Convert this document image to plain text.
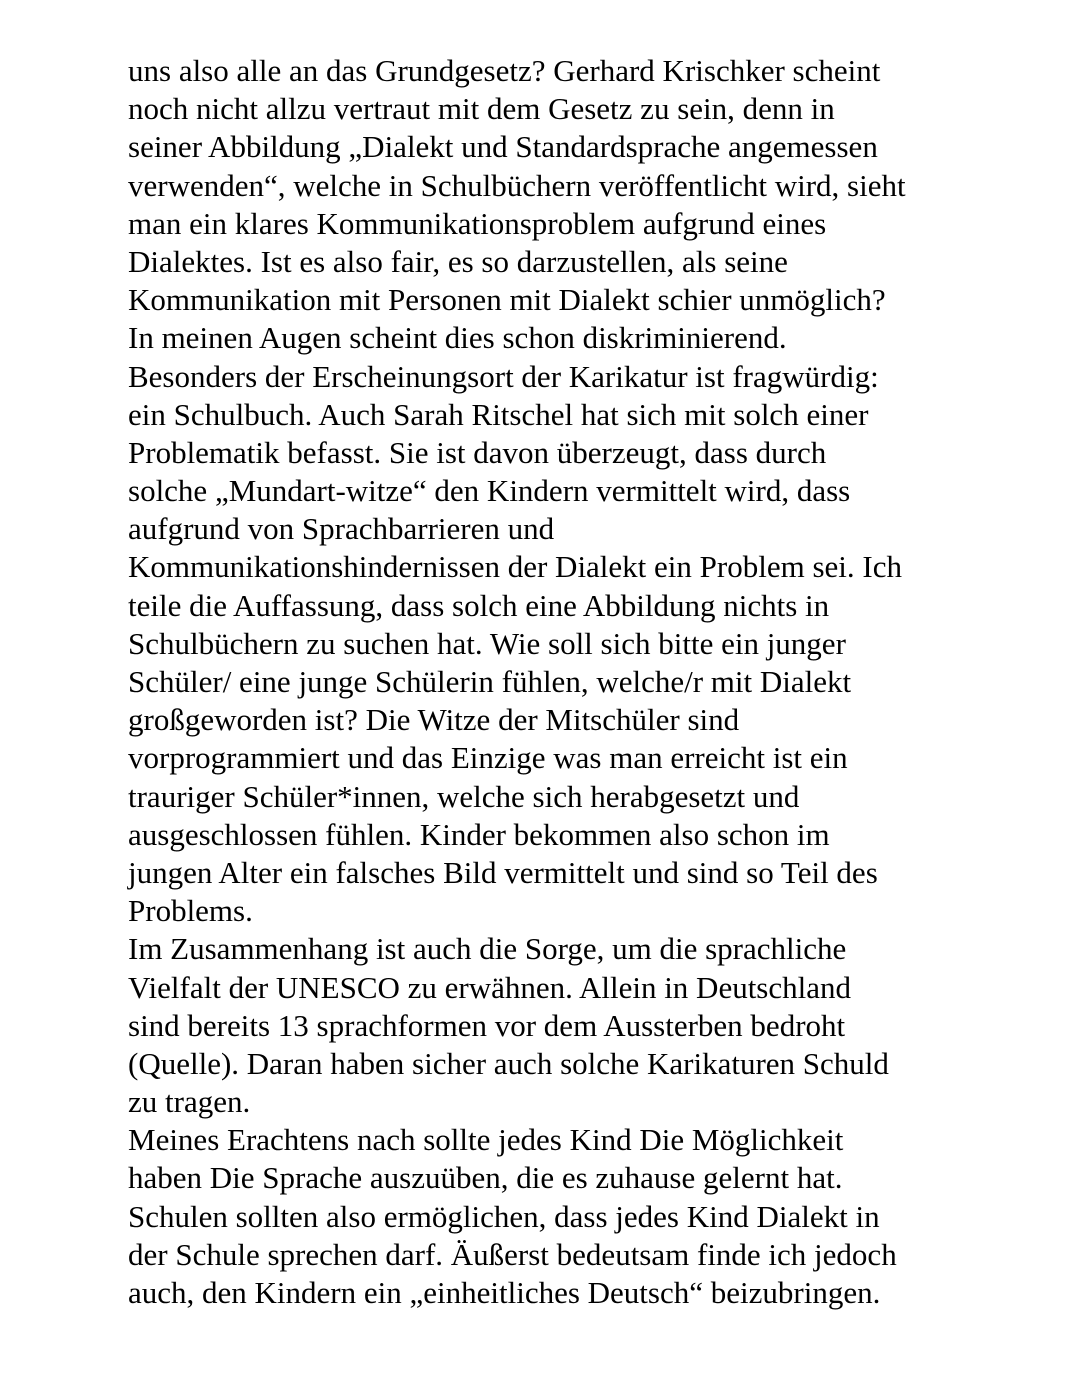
uns also alle an das Grundgesetz? Gerhard Krischker scheint
noch nicht allzu vertraut mit dem Gesetz zu sein, denn in
seiner Abbildung „Dialekt und Standardsprache angemessen
verwenden“, welche in Schulbüchern veröffentlicht wird, sieht
man ein klares Kommunikationsproblem aufgrund eines
Dialektes. Ist es also fair, es so darzustellen, als seine
Kommunikation mit Personen mit Dialekt schier unmöglich?
In meinen Augen scheint dies schon diskriminierend.
Besonders der Erscheinungsort der Karikatur ist fragwürdig:
ein Schulbuch. Auch Sarah Ritschel hat sich mit solch einer
Problematik befasst. Sie ist davon überzeugt, dass durch
solche „Mundart-witze“ den Kindern vermittelt wird, dass
aufgrund von Sprachbarrieren und
Kommunikationshindernissen der Dialekt ein Problem sei. Ich
teile die Auffassung, dass solch eine Abbildung nichts in
Schulbüchern zu suchen hat. Wie soll sich bitte ein junger
Schüler/ eine junge Schülerin fühlen, welche/r mit Dialekt
großgeworden ist? Die Witze der Mitschüler sind
vorprogrammiert und das Einzige was man erreicht ist ein
trauriger Schüler*innen, welche sich herabgesetzt und
ausgeschlossen fühlen. Kinder bekommen also schon im
jungen Alter ein falsches Bild vermittelt und sind so Teil des
Problems.
Im Zusammenhang ist auch die Sorge, um die sprachliche
Vielfalt der UNESCO zu erwähnen. Allein in Deutschland
sind bereits 13 sprachformen vor dem Aussterben bedroht
(Quelle). Daran haben sicher auch solche Karikaturen Schuld
zu tragen.
Meines Erachtens nach sollte jedes Kind Die Möglichkeit
haben Die Sprache auszuüben, die es zuhause gelernt hat.
Schulen sollten also ermöglichen, dass jedes Kind Dialekt in
der Schule sprechen darf. Äußerst bedeutsam finde ich jedoch
auch, den Kindern ein „einheitliches Deutsch“ beizubringen.
